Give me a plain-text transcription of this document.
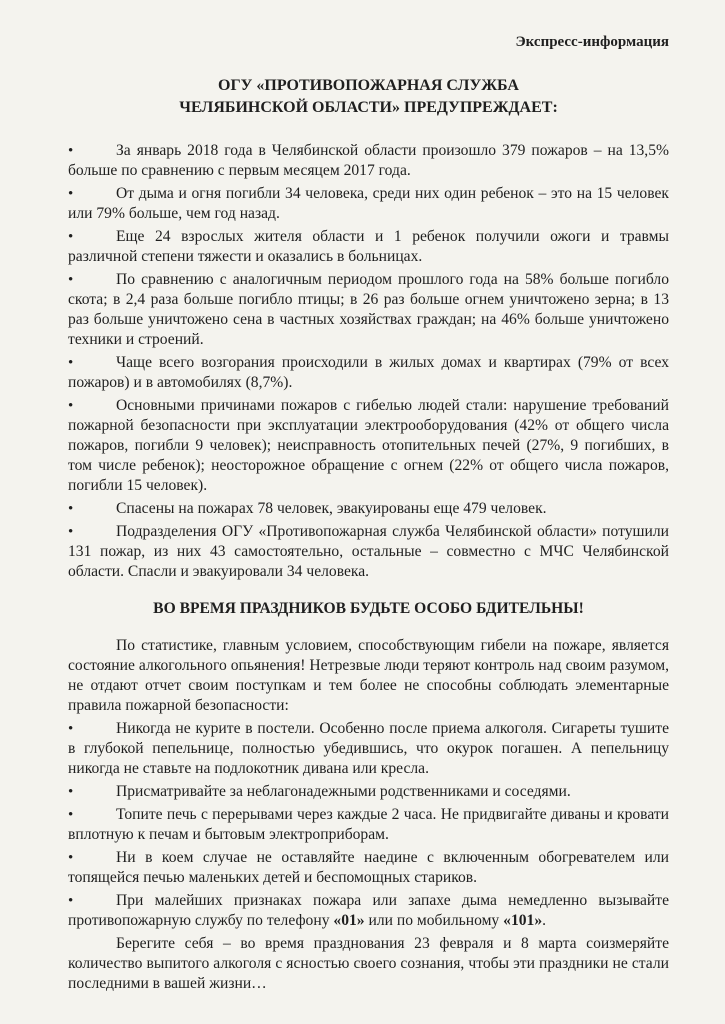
Экспресс-информация
ОГУ «ПРОТИВОПОЖАРНАЯ СЛУЖБА
ЧЕЛЯБИНСКОЙ ОБЛАСТИ» ПРЕДУПРЕЖДАЕТ:
• За январь 2018 года в Челябинской области произошло 379 пожаров – на 13,5% больше по сравнению с первым месяцем 2017 года.
• От дыма и огня погибли 34 человека, среди них один ребенок – это на 15 человек или 79% больше, чем год назад.
• Еще 24 взрослых жителя области и 1 ребенок получили ожоги и травмы различной степени тяжести и оказались в больницах.
• По сравнению с аналогичным периодом прошлого года на 58% больше погибло скота; в 2,4 раза больше погибло птицы; в 26 раз больше огнем уничтожено зерна; в 13 раз больше уничтожено сена в частных хозяйствах граждан; на 46% больше уничтожено техники и строений.
• Чаще всего возгорания происходили в жилых домах и квартирах (79% от всех пожаров) и в автомобилях (8,7%).
• Основными причинами пожаров с гибелью людей стали: нарушение требований пожарной безопасности при эксплуатации электрооборудования (42% от общего числа пожаров, погибли 9 человек); неисправность отопительных печей (27%, 9 погибших, в том числе ребенок); неосторожное обращение с огнем (22% от общего числа пожаров, погибли 15 человек).
• Спасены на пожарах 78 человек, эвакуированы еще 479 человек.
• Подразделения ОГУ «Противопожарная служба Челябинской области» потушили 131 пожар, из них 43 самостоятельно, остальные – совместно с МЧС Челябинской области. Спасли и эвакуировали 34 человека.
ВО ВРЕМЯ ПРАЗДНИКОВ БУДЬТЕ ОСОБО БДИТЕЛЬНЫ!

По статистике, главным условием, способствующим гибели на пожаре, является состояние алкогольного опьянения! Нетрезвые люди теряют контроль над своим разумом, не отдают отчет своим поступкам и тем более не способны соблюдать элементарные правила пожарной безопасности:

• Никогда не курите в постели. Особенно после приема алкоголя. Сигареты тушите в глубокой пепельнице, полностью убедившись, что окурок погашен. А пепельницу никогда не ставьте на подлокотник дивана или кресла.
• Присматривайте за неблагонадежными родственниками и соседями.
• Топите печь с перерывами через каждые 2 часа. Не придвигайте диваны и кровати вплотную к печам и бытовым электроприборам.
• Ни в коем случае не оставляйте наедине с включенным обогревателем или топящейся печью маленьких детей и беспомощных стариков.
• При малейших признаках пожара или запахе дыма немедленно вызывайте противопожарную службу по телефону «01» или по мобильному «101».

Берегите себя – во время празднования 23 февраля и 8 марта соизмеряйте количество выпитого алкоголя с ясностью своего сознания, чтобы эти праздники не стали последними в вашей жизни…
